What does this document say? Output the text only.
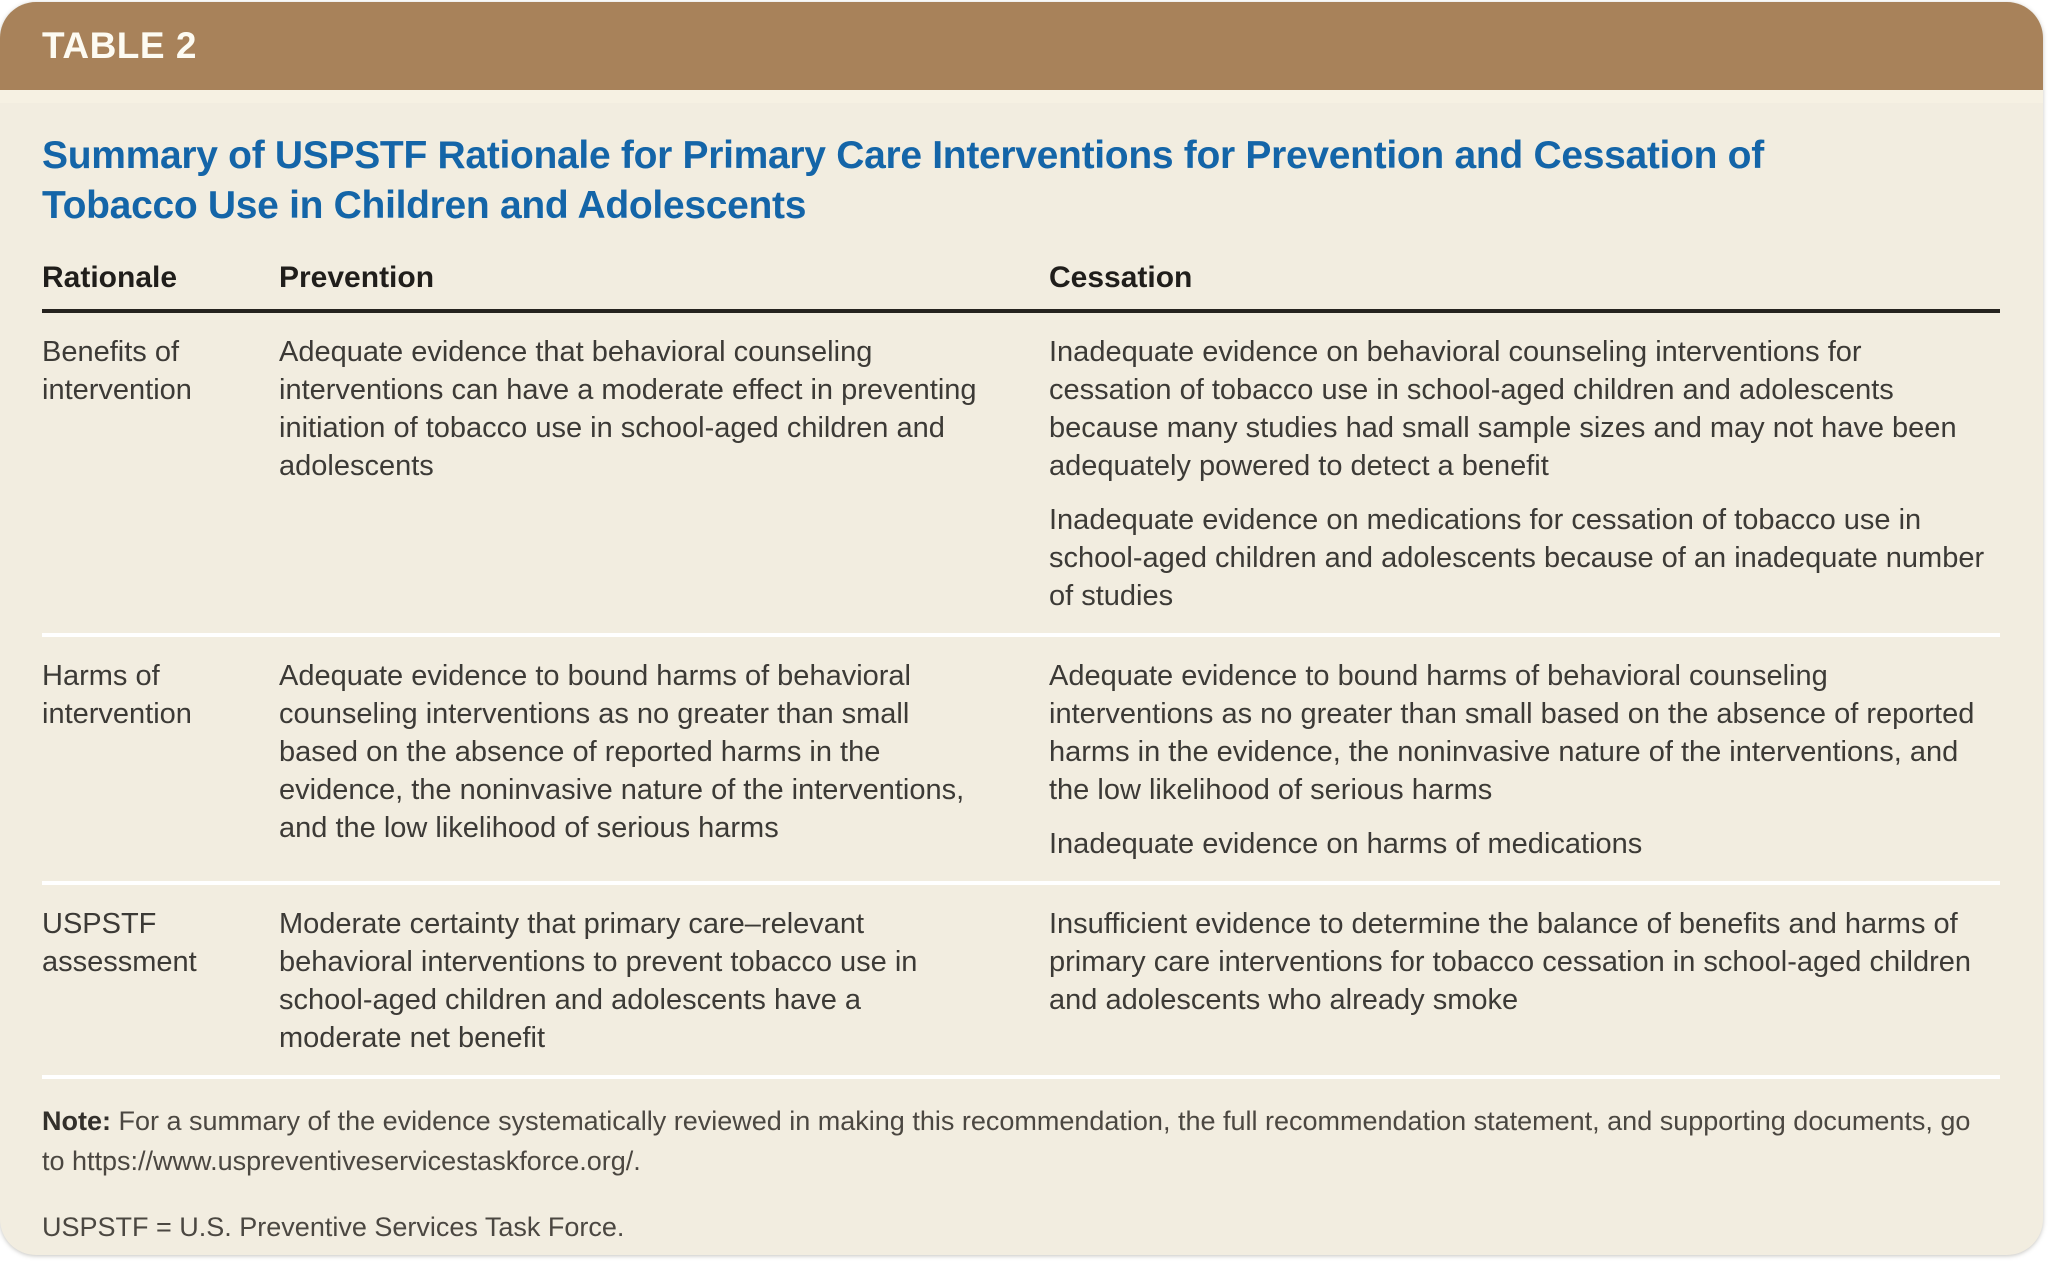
TABLE 2
Summary of USPSTF Rationale for Primary Care Interventions for Prevention and Cessation of Tobacco Use in Children and Adolescents
Rationale	Prevention	Cessation
Benefits of intervention

Adequate evidence that behavioral counseling interventions can have a moderate effect in preventing initiation of tobacco use in school-aged children and adolescents

Inadequate evidence on behavioral counseling interventions for cessation of tobacco use in school-aged children and adolescents because many studies had small sample sizes and may not have been adequately powered to detect a benefit

Inadequate evidence on medications for cessation of tobacco use in school-aged children and adolescents because of an inadequate number of studies

Harms of intervention

Adequate evidence to bound harms of behavioral counseling interventions as no greater than small based on the absence of reported harms in the evidence, the noninvasive nature of the interventions, and the low likelihood of serious harms

Adequate evidence to bound harms of behavioral counseling interventions as no greater than small based on the absence of reported harms in the evidence, the noninvasive nature of the interventions, and the low likelihood of serious harms

Inadequate evidence on harms of medications

USPSTF assessment

Moderate certainty that primary care–relevant behavioral interventions to prevent tobacco use in school-aged children and adolescents have a moderate net benefit

Insufficient evidence to determine the balance of benefits and harms of primary care interventions for tobacco cessation in school-aged children and adolescents who already smoke

Note: For a summary of the evidence systematically reviewed in making this recommendation, the full recommendation statement, and supporting documents, go to https://www.uspreventiveservicestaskforce.org/.

USPSTF = U.S. Preventive Services Task Force.
